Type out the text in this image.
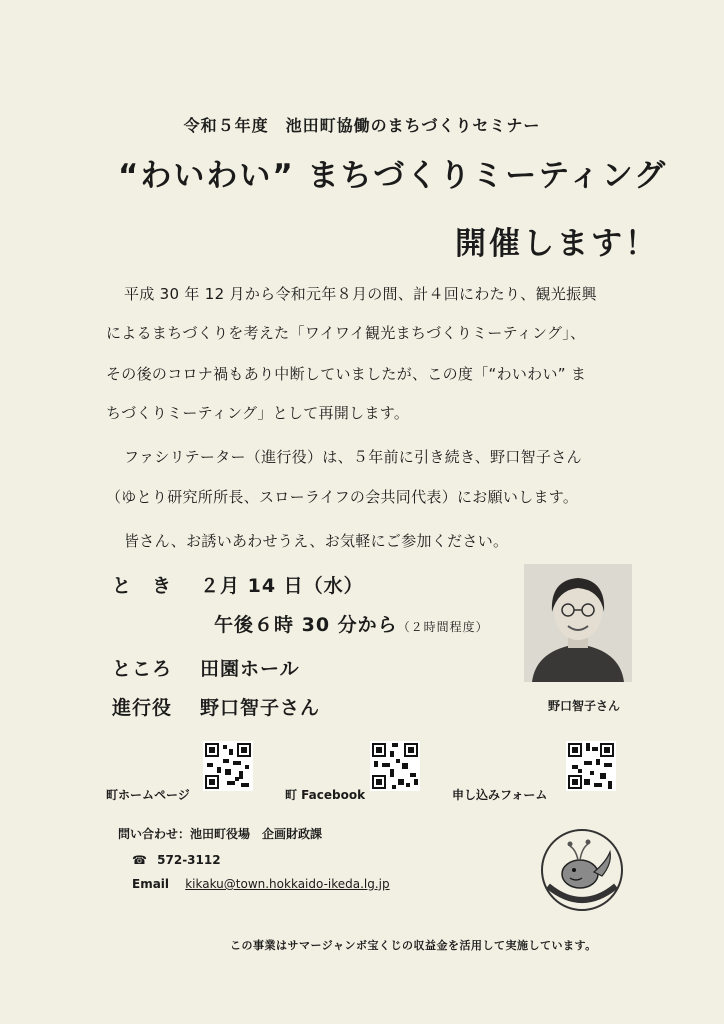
令和５年度　池田町協働のまちづくりセミナー
“わいわい” まちづくりミーティング
開催します！
平成 30 年 12 月から令和元年８月の間、計４回にわたり、観光振興
によるまちづくりを考えた「ワイワイ観光まちづくりミーティング」、
その後のコロナ禍もあり中断していましたが、この度「“わいわい” ま
ちづくりミーティング」として再開します。
ファシリテーター（進行役）は、５年前に引き続き、野口智子さん
（ゆとり研究所所長、スローライフの会共同代表）にお願いします。
皆さん、お誘いあわせうえ、お気軽にご参加ください。
と　き ２月 14 日（水）
午後６時 30 分から（２時間程度）
ところ 田園ホール
進行役 野口智子さん	野口智子さん
町ホームページ	町 Facebook	申し込みフォーム
問い合わせ：池田町役場　企画財政課
☎ 572-3112
Email kikaku@town.hokkaido-ikeda.lg.jp
この事業はサマージャンボ宝くじの収益金を活用して実施しています。
